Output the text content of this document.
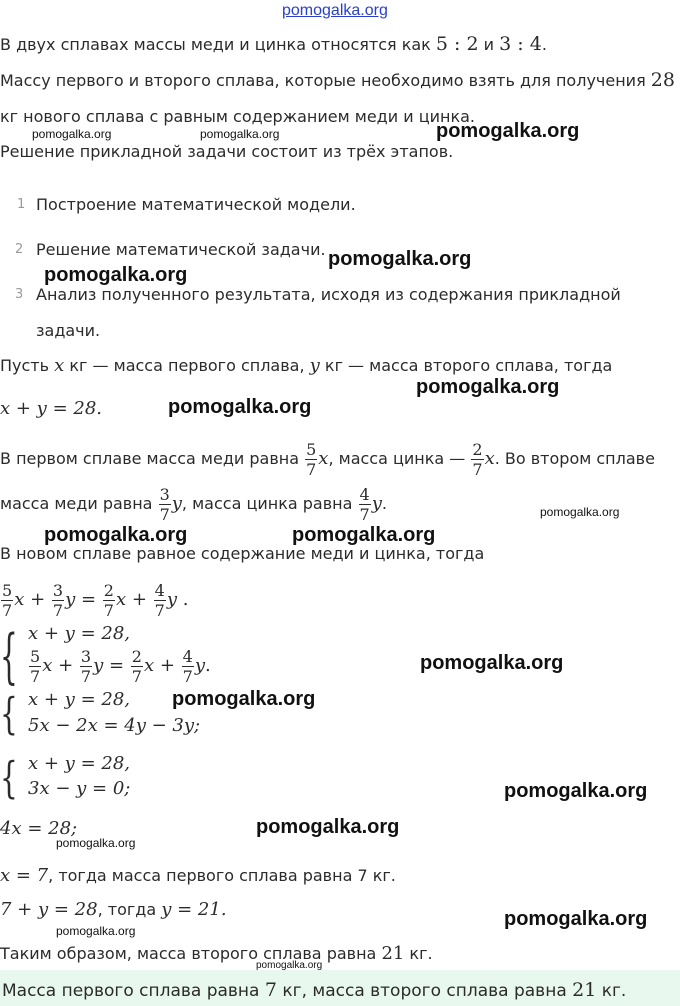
pomogalka.org
В двух сплавах массы меди и цинка относятся как 5 : 2 и 3 : 4.
Массу первого и второго сплава, которые необходимо взять для получения 28
кг нового сплава с равным содержанием меди и цинка.
Решение прикладной задачи состоит из трёх этапов.
1 Построение математической модели.
2 Решение математической задачи.
3 Анализ полученного результата, исходя из содержания прикладной
задачи.
Пусть x кг — масса первого сплава, y кг — масса второго сплава, тогда
x + y = 28.
В первом сплаве масса меди равна $\frac{5}{7} x$, масса цинка — $\frac{2}{7} x$. Во втором сплаве
масса меди равна $\frac{3}{7} y$, масса цинка равна $\frac{4}{7} y$.
В новом сплаве равное содержание меди и цинка, тогда
$\frac{5}{7}$ $x + \frac{3}{7}$ $y = \frac{2}{7}$ $x + \frac{4}{7}$ y .
{ x + y = 28,
$\frac{5}{7}$ $x + \frac{3}{7}$ $y = \frac{2}{7}$ $x + \frac{4}{7} y$.
{ x + y = 28,
5x − 2x = 4y − 3y;
{ x + y = 28,
3x − y = 0;
4x = 28;
x = 7, тогда масса первого сплава равна 7 кг.
7 + y = 28, тогда y = 21.
Таким образом, масса второго сплава равна 21 кг.
Масса первого сплава равна 7 кг, масса второго сплава равна 21 кг.
pomogalka.org	pomogalka.org	pomogalka.org
pomogalka.org
pomogalka.org
pomogalka.org
pomogalka.org
pomogalka.org
pomogalka.org	pomogalka.org
pomogalka.org
pomogalka.org
pomogalka.org
pomogalka.org
pomogalka.org
pomogalka.org
pomogalka.org
pomogalka.org
